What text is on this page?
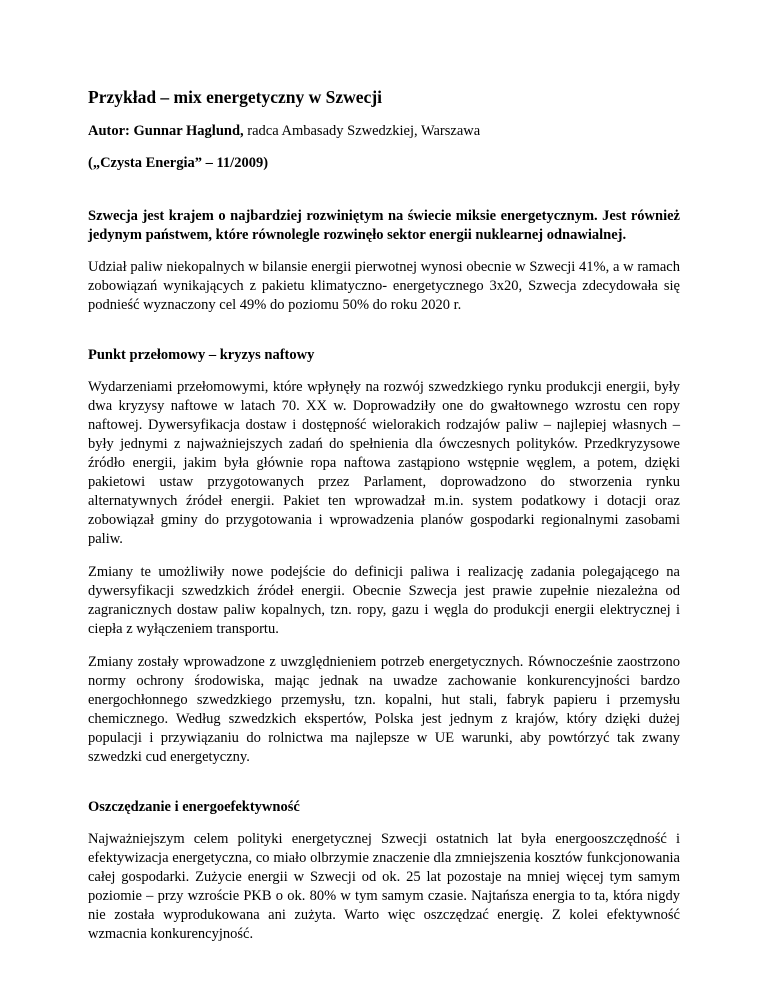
Przykład – mix energetyczny w Szwecji

Autor: Gunnar Haglund, radca Ambasady Szwedzkiej, Warszawa

(„Czysta Energia” – 11/2009)

Szwecja jest krajem o najbardziej rozwiniętym na świecie miksie energetycznym. Jest również jedynym państwem, które równolegle rozwinęło sektor energii nuklearnej odnawialnej.

Udział paliw niekopalnych w bilansie energii pierwotnej wynosi obecnie w Szwecji 41%, a w ramach zobowiązań wynikających z pakietu klimatyczno- energetycznego 3x20, Szwecja zdecydowała się podnieść wyznaczony cel 49% do poziomu 50% do roku 2020 r.

Punkt przełomowy – kryzys naftowy

Wydarzeniami przełomowymi, które wpłynęły na rozwój szwedzkiego rynku produkcji energii, były dwa kryzysy naftowe w latach 70. XX w. Doprowadziły one do gwałtownego wzrostu cen ropy naftowej. Dywersyfikacja dostaw i dostępność wielorakich rodzajów paliw – najlepiej własnych – były jednymi z najważniejszych zadań do spełnienia dla ówczesnych polityków. Przedkryzysowe źródło energii, jakim była głównie ropa naftowa zastąpiono wstępnie węglem, a potem, dzięki pakietowi ustaw przygotowanych przez Parlament, doprowadzono do stworzenia rynku alternatywnych źródeł energii. Pakiet ten wprowadzał m.in. system podatkowy i dotacji oraz zobowiązał gminy do przygotowania i wprowadzenia planów gospodarki regionalnymi zasobami paliw.

Zmiany te umożliwiły nowe podejście do definicji paliwa i realizację zadania polegającego na dywersyfikacji szwedzkich źródeł energii. Obecnie Szwecja jest prawie zupełnie niezależna od zagranicznych dostaw paliw kopalnych, tzn. ropy, gazu i węgla do produkcji energii elektrycznej i ciepła z wyłączeniem transportu.

Zmiany zostały wprowadzone z uwzględnieniem potrzeb energetycznych. Równocześnie zaostrzono normy ochrony środowiska, mając jednak na uwadze zachowanie konkurencyjności bardzo energochłonnego szwedzkiego przemysłu, tzn. kopalni, hut stali, fabryk papieru i przemysłu chemicznego. Według szwedzkich ekspertów, Polska jest jednym z krajów, który dzięki dużej populacji i przywiązaniu do rolnictwa ma najlepsze w UE warunki, aby powtórzyć tak zwany szwedzki cud energetyczny.

Oszczędzanie i energoefektywność

Najważniejszym celem polityki energetycznej Szwecji ostatnich lat była energooszczędność i efektywizacja energetyczna, co miało olbrzymie znaczenie dla zmniejszenia kosztów funkcjonowania całej gospodarki. Zużycie energii w Szwecji od ok. 25 lat pozostaje na mniej więcej tym samym poziomie – przy wzroście PKB o ok. 80% w tym samym czasie. Najtańsza energia to ta, która nigdy nie została wyprodukowana ani zużyta. Warto więc oszczędzać energię. Z kolei efektywność wzmacnia konkurencyjność.
